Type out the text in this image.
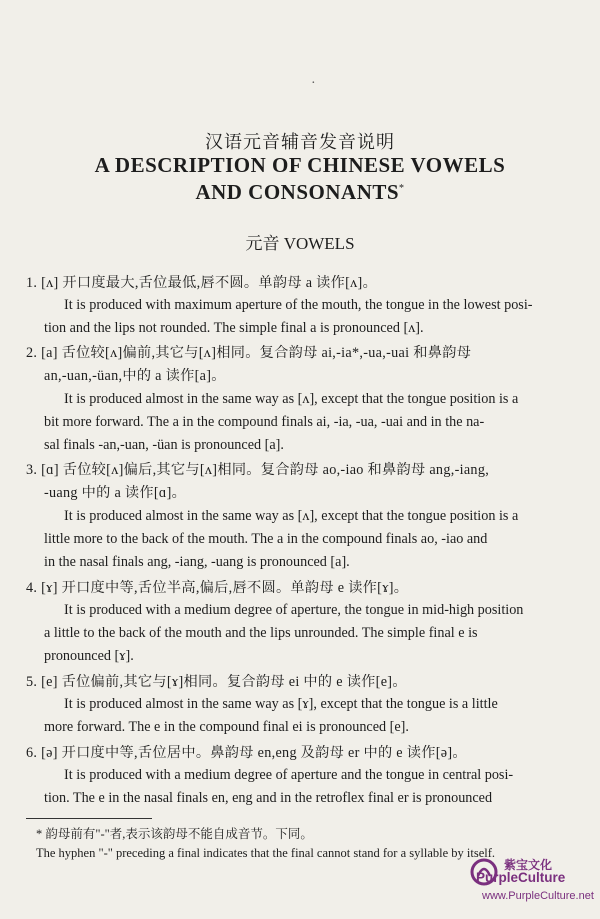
·
汉语元音辅音发音说明
A DESCRIPTION OF CHINESE VOWELS
AND CONSONANTS*
元音 VOWELS
1. [ʌ] 开口度最大,舌位最低,唇不圆。单韵母 a 读作[ʌ]。
It is produced with maximum aperture of the mouth, the tongue in the lowest posi-
tion and the lips not rounded. The simple final a is pronounced [ʌ].
2. [a] 舌位较[ʌ]偏前,其它与[ʌ]相同。复合韵母 ai,-ia*,-ua,-uai 和鼻韵母
an,-uan,-üan,中的 a 读作[a]。
It is produced almost in the same way as [ʌ], except that the tongue position is a
bit more forward. The a in the compound finals ai, -ia, -ua, -uai and in the na-
sal finals -an,-uan, -üan is pronounced [a].
3. [ɑ] 舌位较[ʌ]偏后,其它与[ʌ]相同。复合韵母 ao,-iao 和鼻韵母 ang,-iang,
-uang 中的 a 读作[ɑ]。
It is produced almost in the same way as [ʌ], except that the tongue position is a
little more to the back of the mouth. The a in the compound finals ao, -iao and
in the nasal finals ang, -iang, -uang is pronounced [a].
4. [ɤ] 开口度中等,舌位半高,偏后,唇不圆。单韵母 e 读作[ɤ]。
It is produced with a medium degree of aperture, the tongue in mid-high position
a little to the back of the mouth and the lips unrounded. The simple final e is
pronounced [ɤ].
5. [e] 舌位偏前,其它与[ɤ]相同。复合韵母 ei 中的 e 读作[e]。
It is produced almost in the same way as [ɤ], except that the tongue is a little
more forward. The e in the compound final ei is pronounced [e].
6. [ə] 开口度中等,舌位居中。鼻韵母 en,eng 及韵母 er 中的 e 读作[ə]。
It is produced with a medium degree of aperture and the tongue in central posi-
tion. The e in the nasal finals en, eng and in the retroflex final er is pronounced
* 韵母前有"-"者,表示该韵母不能自成音节。下同。
The hyphen "-" preceding a final indicates that the final cannot stand for a syllable by itself.
紫宝文化
PurpleCulture
www.PurpleCulture.net
